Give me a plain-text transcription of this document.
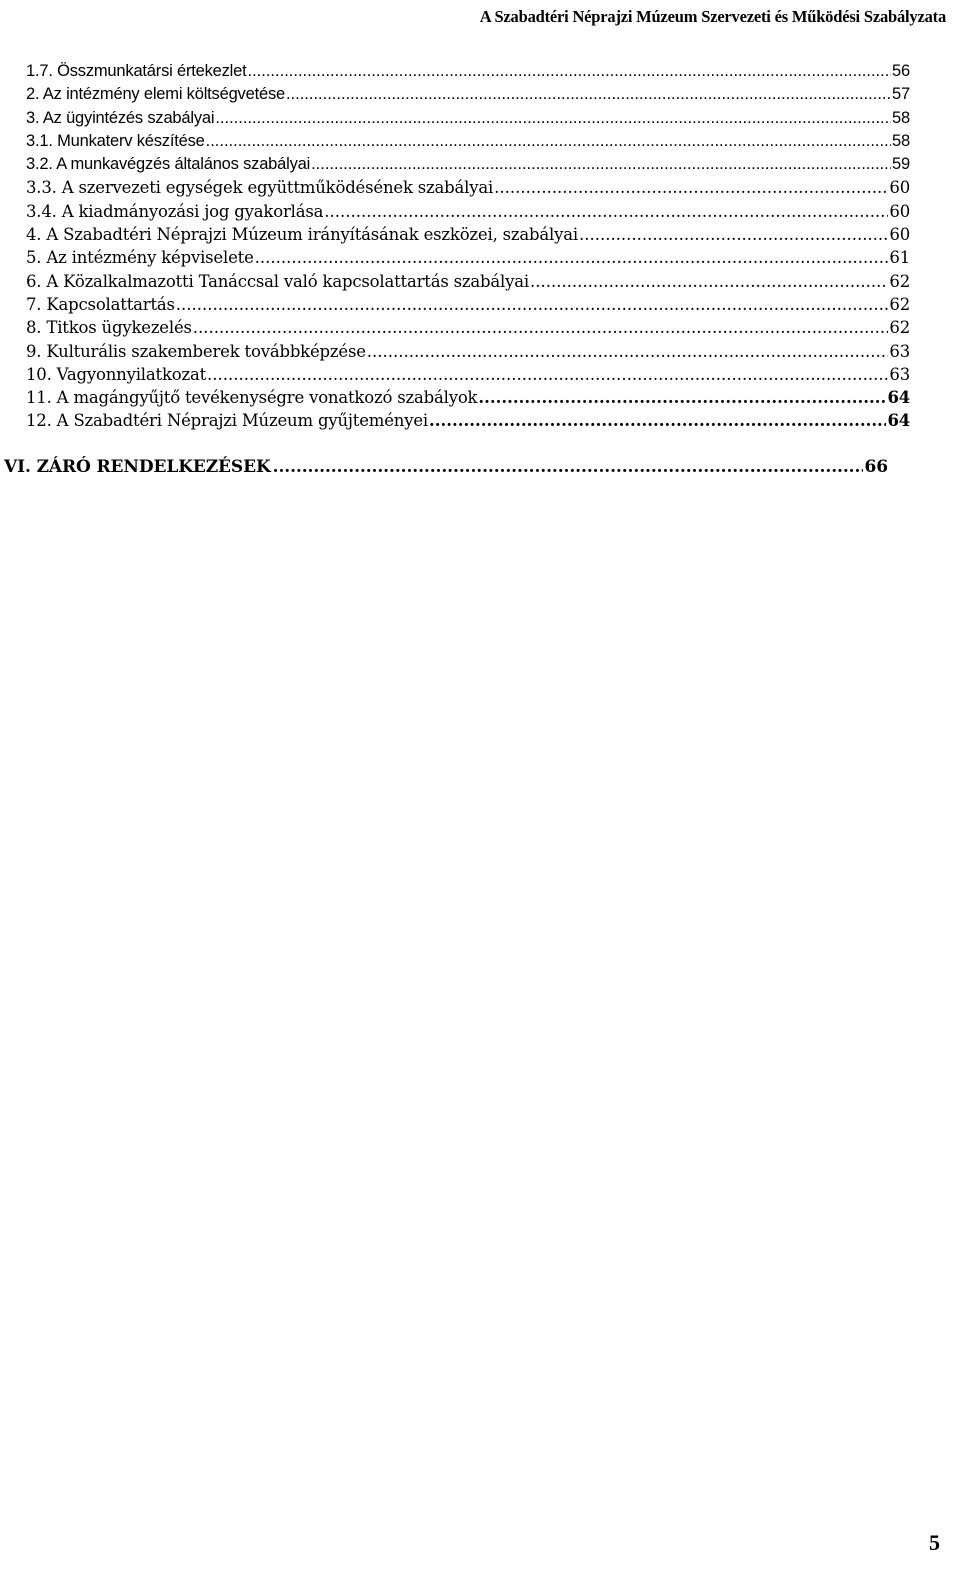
A Szabadtéri Néprajzi Múzeum Szervezeti és Működési Szabályzata
1.7. Összmunkatársi értekezlet .....	56
2. Az intézmény elemi költségvetése .....	57
3. Az ügyintézés szabályai .....	58
3.1. Munkaterv készítése .....	58
3.2. A munkavégzés általános szabályai .....	59
3.3. A szervezeti egységek együttműködésének szabályai .....	60
3.4. A kiadmányozási jog gyakorlása .....	60
4. A Szabadtéri Néprajzi Múzeum irányításának eszközei, szabályai .....	60
5. Az intézmény képviselete .....	61
6. A Közalkalmazotti Tanáccsal való kapcsolattartás szabályai .....	62
7. Kapcsolattartás .....	62
8. Titkos ügykezelés .....	62
9. Kulturális szakemberek továbbképzése .....	63
10. Vagyonnyilatkozat .....	63
11. A magángyűjtő tevékenységre vonatkozó szabályok .....	64
12. A Szabadtéri Néprajzi Múzeum gyűjteményei .....	64
VI. ZÁRÓ RENDELKEZÉSEK .....	66
5
